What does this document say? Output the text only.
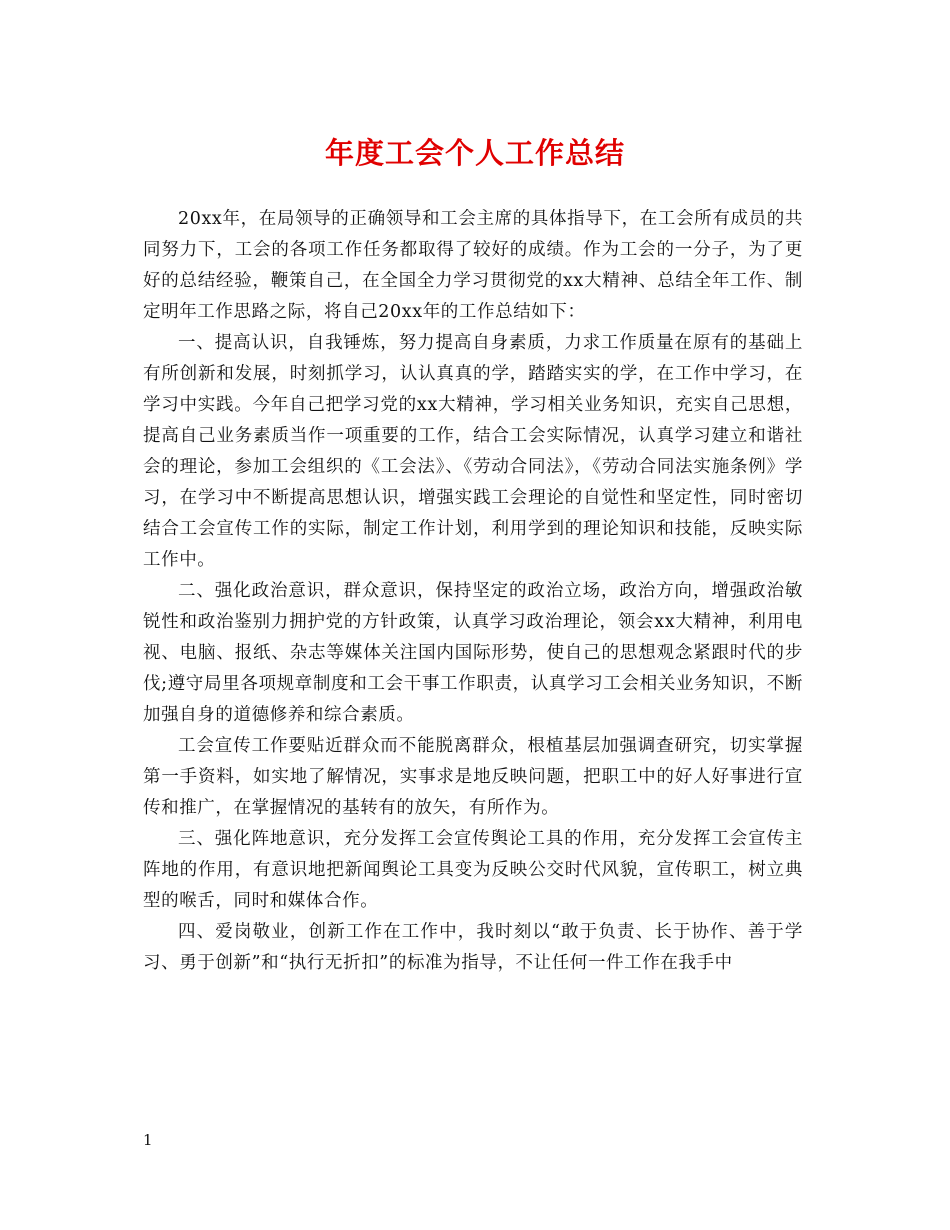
年度工会个人工作总结

20xx年，在局领导的正确领导和工会主席的具体指导下，在工会所有成员的共同努力下，工会的各项工作任务都取得了较好的成绩。作为工会的一分子，为了更好的总结经验，鞭策自己，在全国全力学习贯彻党的xx大精神、总结全年工作、制定明年工作思路之际，将自己20xx年的工作总结如下：

一、提高认识，自我锤炼，努力提高自身素质，力求工作质量在原有的基础上有所创新和发展，时刻抓学习，认认真真的学，踏踏实实的学，在工作中学习，在学习中实践。今年自己把学习党的xx大精神，学习相关业务知识，充实自己思想，提高自己业务素质当作一项重要的工作，结合工会实际情况，认真学习建立和谐社会的理论，参加工会组织的《工会法》、《劳动合同法》，《劳动合同法实施条例》学习，在学习中不断提高思想认识，增强实践工会理论的自觉性和坚定性，同时密切结合工会宣传工作的实际，制定工作计划，利用学到的理论知识和技能，反映实际工作中。

二、强化政治意识，群众意识，保持坚定的政治立场，政治方向，增强政治敏锐性和政治鉴别力拥护党的方针政策，认真学习政治理论，领会xx大精神，利用电视、电脑、报纸、杂志等媒体关注国内国际形势，使自己的思想观念紧跟时代的步伐;遵守局里各项规章制度和工会干事工作职责，认真学习工会相关业务知识，不断加强自身的道德修养和综合素质。

工会宣传工作要贴近群众而不能脱离群众，根植基层加强调查研究，切实掌握第一手资料，如实地了解情况，实事求是地反映问题，把职工中的好人好事进行宣传和推广，在掌握情况的基转有的放矢，有所作为。

三、强化阵地意识，充分发挥工会宣传舆论工具的作用，充分发挥工会宣传主阵地的作用，有意识地把新闻舆论工具变为反映公交时代风貌，宣传职工，树立典型的喉舌，同时和媒体合作。

四、爱岗敬业，创新工作在工作中，我时刻以“敢于负责、长于协作、善于学习、勇于创新”和“执行无折扣”的标准为指导，不让任何一件工作在我手中

1
